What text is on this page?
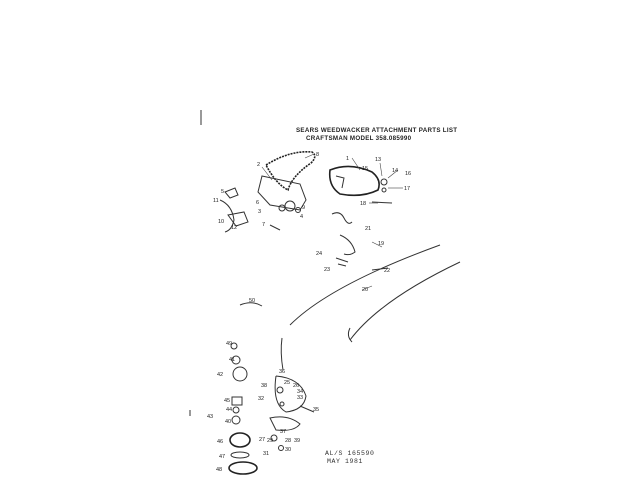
8
2
1
15
13
14 16
17
18
5
11	6
10
12
3
4
7
9
21
19
24
23	22
20
50
49
41
42
45
44
43
40
46
47
48
36
25
38	26
34
32	33
35
37
27 29 28 39
30
31
SEARS WEEDWACKER ATTACHMENT PARTS LIST
CRAFTSMAN MODEL 358.085990
AL/S 165590
MAY 1981
